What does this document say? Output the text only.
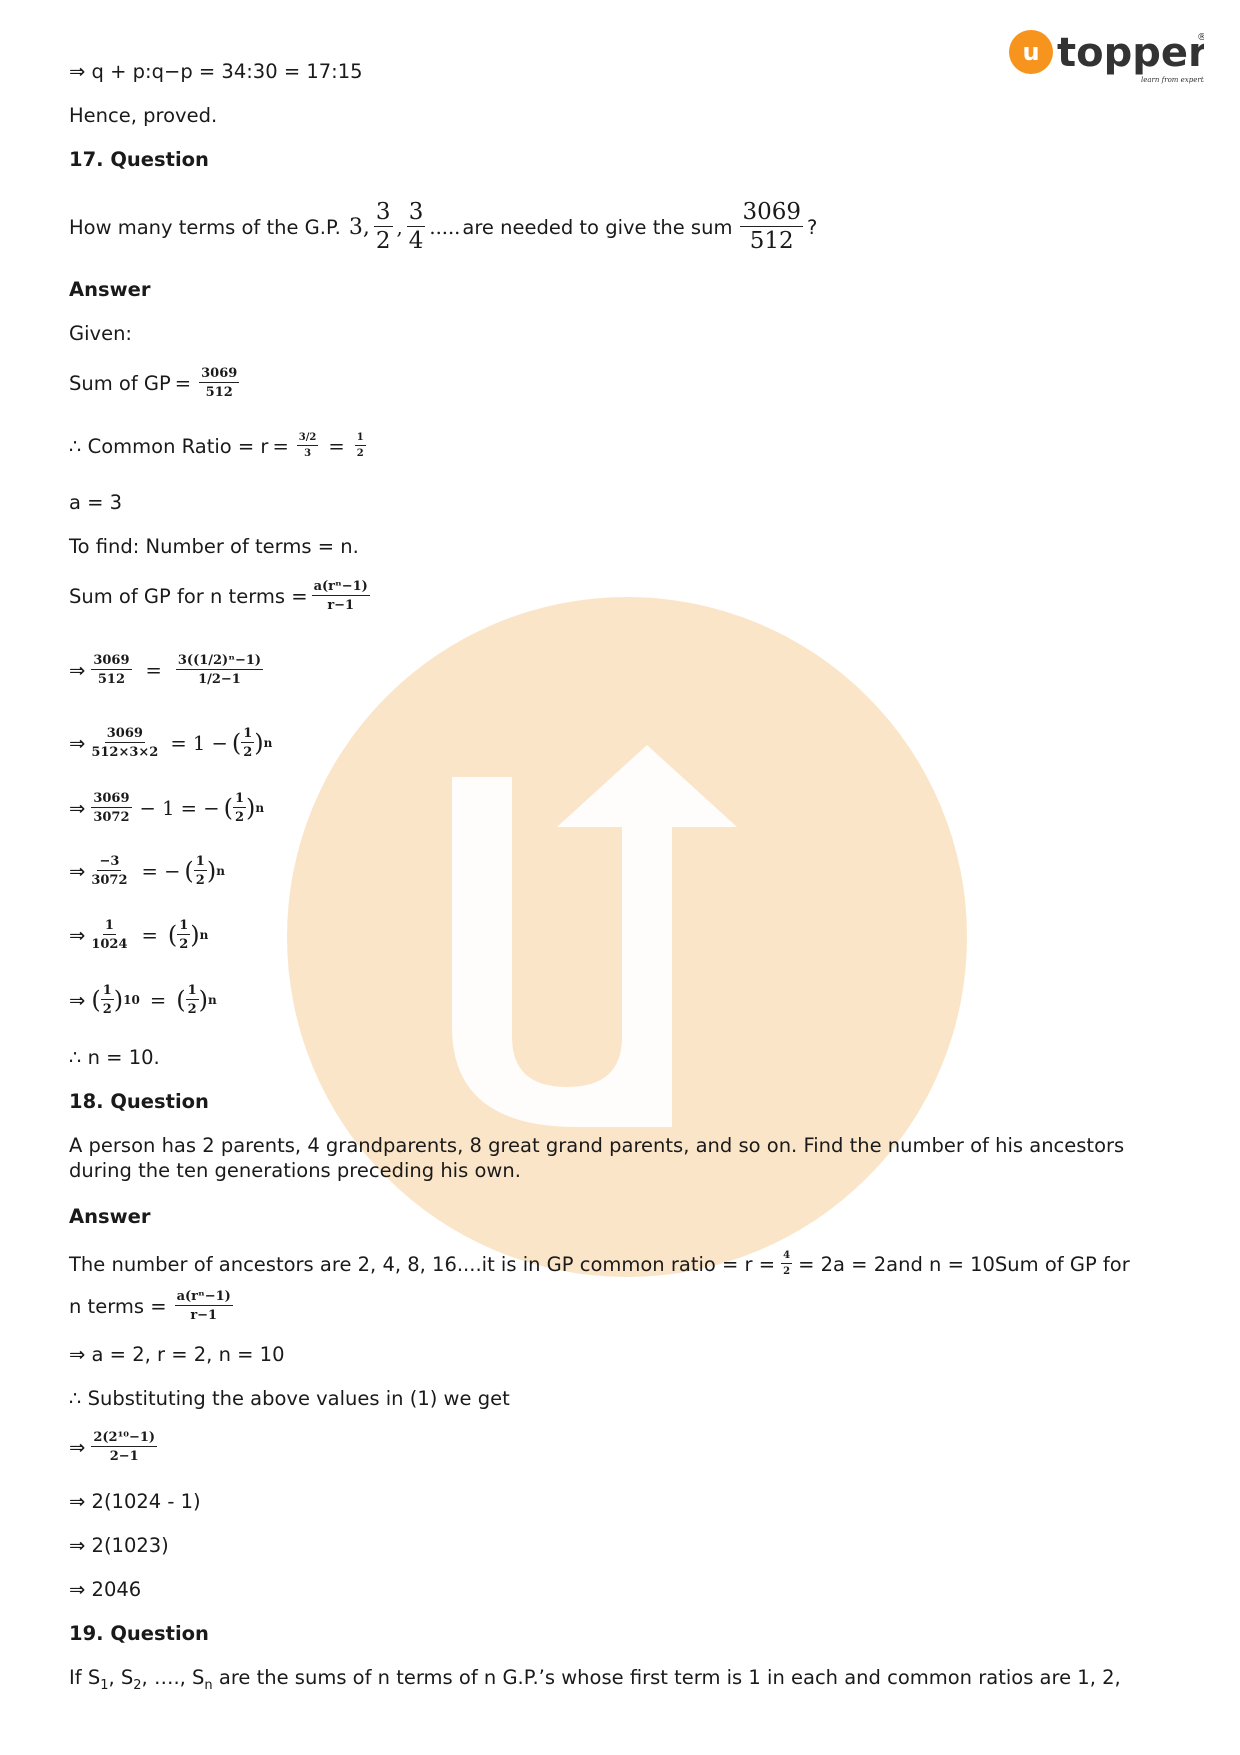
u topper
®
learn from experts
⇒ q + p:q−p = 34:30 = 17:15
Hence, proved.
17. Question
How many terms of the G.P. 3, $\frac{3}{2}$ , $\frac{3}{4}$ ..... are needed to give the sum $\frac{3069}{512}$ ?
Answer
Given:
Sum of GP = $\frac{3069}{512}$
∴ Common Ratio = $r = \frac{3/2}{3} = \frac{1}{2}$
a = 3
To find: Number of terms = n.
Sum of GP for n terms = $\frac{\text{a(rⁿ−1)}}{r-1}$
⇒ $\frac{3069}{512} = \frac{\text{3((1/2)ⁿ−1)}}{1/2-1}$
⇒ $\frac{3069}{512\times 3\times 2} = 1$ − ( $\frac{1}{2}$ ) n
⇒ $\frac{3069}{3072} - 1$ = − ( $\frac{1}{2}$ ) n
⇒ $\frac{-3}{3072}$ = − ( $\frac{1}{2}$ ) n
⇒ $\frac{1}{1024}$ = ( $\frac{1}{2}$ ) n
⇒ ( $\frac{1}{2}$ ) 10 = ( $\frac{1}{2}$ ) n
∴ n = 10.
18. Question
A person has 2 parents, 4 grandparents, 8 great grand parents, and so on. Find the number of his ancestors during the ten generations preceding his own.
Answer
The number of ancestors are 2, 4, 8, 16....it is in GP common ratio = $r = \frac{4}{2} = 2a = 2and$ n = 10Sum of GP for
n terms = $\frac{\text{a(rⁿ−1)}}{r-1}$
⇒ a = 2, r = 2, n = 10
∴ Substituting the above values in (1) we get
⇒ $\frac{\text{2(2¹⁰−1)}}{2-1}$
⇒ 2(1024 - 1)
⇒ 2(1023)
⇒ 2046
19. Question
If $S_1$, $S_2$, …., $S_n$ are the sums of n terms of n G.P.’s whose first term is 1 in each and common ratios are 1, 2,
